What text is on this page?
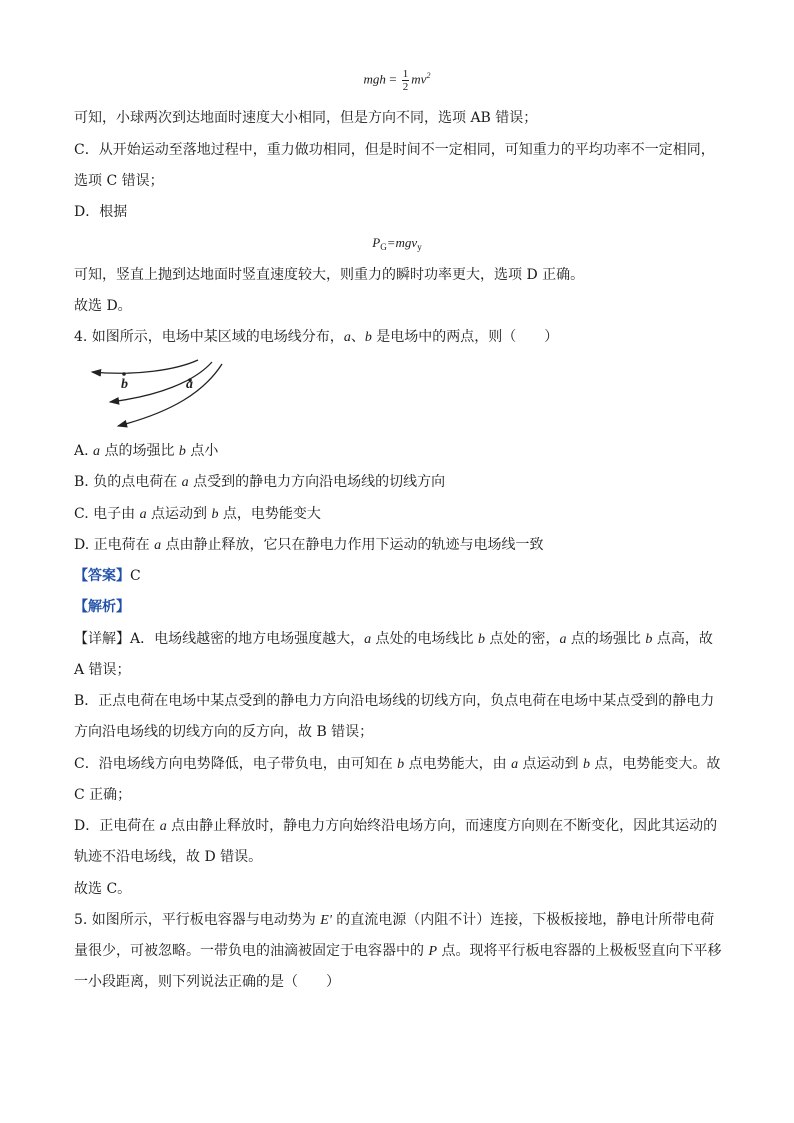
mgh = $\frac{1}{2} mv^2$
可知，小球两次到达地面时速度大小相同，但是方向不同，选项 AB 错误；
C．从开始运动至落地过程中，重力做功相同，但是时间不一定相同，可知重力的平均功率不一定相同，
选项 C 错误；
D．根据
$P_G=mgv_y$
可知，竖直上抛到达地面时竖直速度较大，则重力的瞬时功率更大，选项 D 正确。
故选 D。
4. 如图所示，电场中某区域的电场线分布，a、b 是电场中的两点，则（　　）
b	a
A. a 点的场强比 b 点小
B. 负的点电荷在 a 点受到的静电力方向沿电场线的切线方向
C. 电子由 a 点运动到 b 点，电势能变大
D. 正电荷在 a 点由静止释放，它只在静电力作用下运动的轨迹与电场线一致
【答案】C
【解析】
【详解】A．电场线越密的地方电场强度越大，a 点处的电场线比 b 点处的密，a 点的场强比 b 点高，故
A 错误；
B．正点电荷在电场中某点受到的静电力方向沿电场线的切线方向，负点电荷在电场中某点受到的静电力
方向沿电场线的切线方向的反方向，故 B 错误；
C．沿电场线方向电势降低，电子带负电，由可知在 b 点电势能大，由 a 点运动到 b 点，电势能变大。故
C 正确；
D．正电荷在 a 点由静止释放时，静电力方向始终沿电场方向，而速度方向则在不断变化，因此其运动的
轨迹不沿电场线，故 D 错误。
故选 C。
5. 如图所示，平行板电容器与电动势为 E' 的直流电源（内阻不计）连接，下极板接地，静电计所带电荷
量很少，可被忽略。一带负电的油滴被固定于电容器中的 P 点。现将平行板电容器的上极板竖直向下平移
一小段距离，则下列说法正确的是（　　）
